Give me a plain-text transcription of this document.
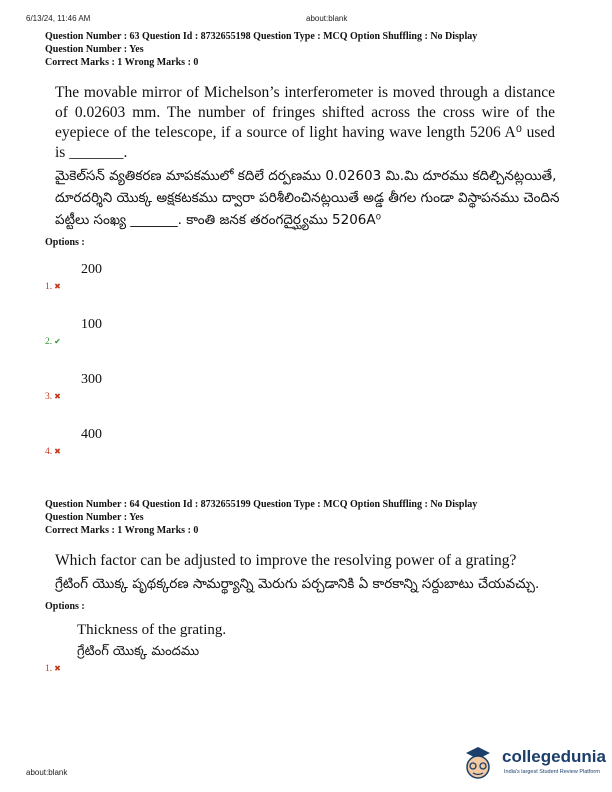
6/13/24, 11:46 AM	about:blank

Question Number : 63 Question Id : 8732655198 Question Type : MCQ Option Shuffling : No Display

Question Number : Yes

Correct Marks : 1 Wrong Marks : 0

The movable mirror of Michelson’s interferometer is moved through a distance of 0.02603 mm. The number of fringes shifted across the cross wire of the eyepiece of the telescope, if a source of light having wave length 5206 A⁰ used is _______.
మైకెల్‌సన్ వ్యతికరణ మాపకములో కదిలే దర్పణము 0.02603 మి.మి దూరము కదిల్చినట్లయితే, దూరదర్శిని యొక్క అక్షకటకము ద్వారా పరిశీలించినట్లయితే అడ్డ తీగల గుండా విస్థాపనము చెందిన పట్టీలు సంఖ్య _______. కాంతి జనక తరంగదైర్ఘ్యము 5206A⁰

Options :

200
1. ✖
100
2. ✔
300
3. ✖
400
4. ✖

Question Number : 64 Question Id : 8732655199 Question Type : MCQ Option Shuffling : No Display

Question Number : Yes

Correct Marks : 1 Wrong Marks : 0

Which factor can be adjusted to improve the resolving power of a grating?
గ్రేటింగ్ యొక్క పృథక్కరణ సామర్థ్యాన్ని మెరుగు పర్చడానికి ఏ కారకాన్ని సర్దుబాటు చేయవచ్చు.

Options :

Thickness of the grating.
గ్రేటింగ్ యొక్క మందము
1. ✖
about:blank
collegedunia
India's largest Student Review Platform
